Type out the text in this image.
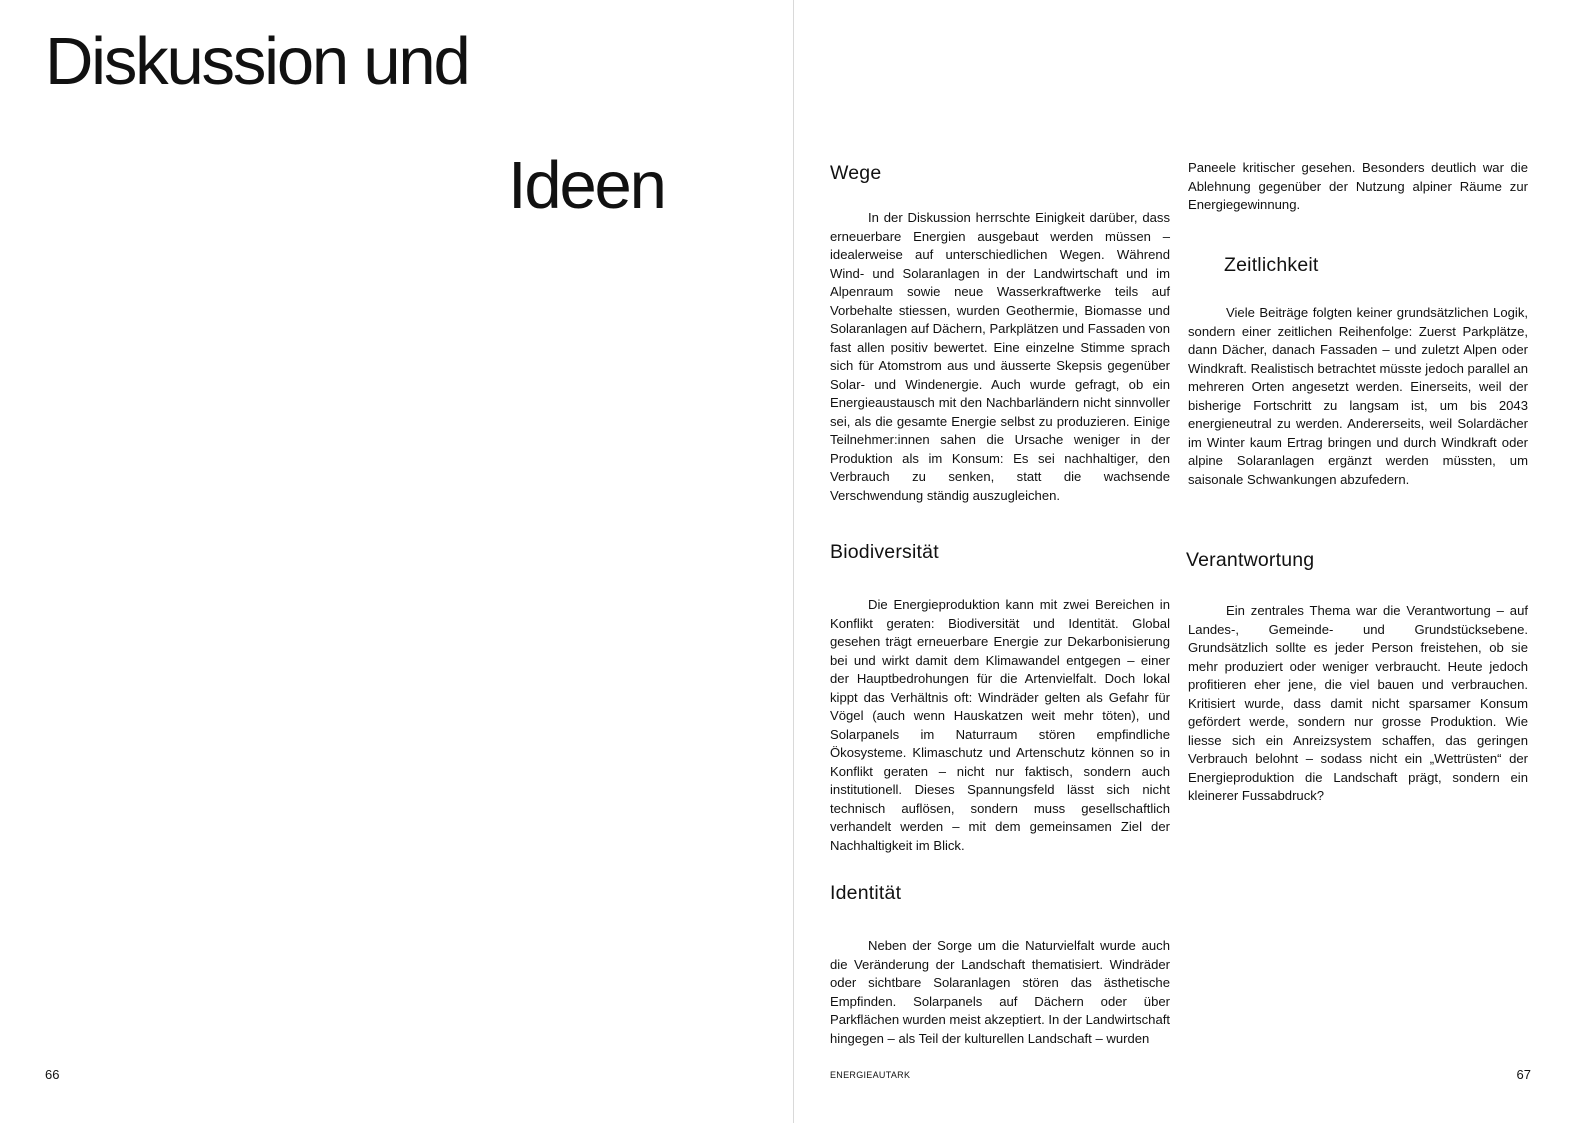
Diskussion und
Ideen
66
Wege

In der Diskussion herrschte Einigkeit darüber, dass erneuerbare Energien ausgebaut werden müssen – idealerweise auf unterschiedlichen Wegen. Während Wind- und Solaranlagen in der Landwirtschaft und im Alpenraum sowie neue Wasserkraftwerke teils auf Vorbehalte stiessen, wurden Geothermie, Biomasse und Solaranlagen auf Dächern, Parkplätzen und Fassaden von fast allen positiv bewertet. Eine einzelne Stimme sprach sich für Atomstrom aus und äusserte Skepsis gegenüber Solar- und Windenergie. Auch wurde gefragt, ob ein Energieaustausch mit den Nachbarländern nicht sinnvoller sei, als die gesamte Energie selbst zu produzieren. Einige Teilnehmer:innen sahen die Ursache weniger in der Produktion als im Konsum: Es sei nachhaltiger, den Verbrauch zu senken, statt die wachsende Verschwendung ständig auszugleichen.

Biodiversität

Die Energieproduktion kann mit zwei Bereichen in Konflikt geraten: Biodiversität und Identität. Global gesehen trägt erneuerbare Energie zur Dekarbonisierung bei und wirkt damit dem Klimawandel entgegen – einer der Hauptbedrohungen für die Artenvielfalt. Doch lokal kippt das Verhältnis oft: Windräder gelten als Gefahr für Vögel (auch wenn Hauskatzen weit mehr töten), und Solarpanels im Naturraum stören empfindliche Ökosysteme. Klimaschutz und Artenschutz können so in Konflikt geraten – nicht nur faktisch, sondern auch institutionell. Dieses Spannungsfeld lässt sich nicht technisch auflösen, sondern muss gesellschaftlich verhandelt werden – mit dem gemeinsamen Ziel der Nachhaltigkeit im Blick.

Identität

Neben der Sorge um die Naturvielfalt wurde auch die Veränderung der Landschaft thematisiert. Windräder oder sichtbare Solaranlagen stören das ästhetische Empfinden. Solarpanels auf Dächern oder über Parkflächen wurden meist akzeptiert. In der Landwirtschaft hingegen – als Teil der kulturellen Landschaft – wurden

Paneele kritischer gesehen. Besonders deutlich war die Ablehnung gegenüber der Nutzung alpiner Räume zur Energiegewinnung.

Zeitlichkeit

Viele Beiträge folgten keiner grundsätzlichen Logik, sondern einer zeitlichen Reihenfolge: Zuerst Parkplätze, dann Dächer, danach Fassaden – und zuletzt Alpen oder Windkraft. Realistisch betrachtet müsste jedoch parallel an mehreren Orten angesetzt werden. Einerseits, weil der bisherige Fortschritt zu langsam ist, um bis 2043 energieneutral zu werden. Andererseits, weil Solardächer im Winter kaum Ertrag bringen und durch Windkraft oder alpine Solaranlagen ergänzt werden müssten, um saisonale Schwankungen abzufedern.

Verantwortung

Ein zentrales Thema war die Verantwortung – auf Landes-, Gemeinde- und Grundstücksebene. Grundsätzlich sollte es jeder Person freistehen, ob sie mehr produziert oder weniger verbraucht. Heute jedoch profitieren eher jene, die viel bauen und verbrauchen. Kritisiert wurde, dass damit nicht sparsamer Konsum gefördert werde, sondern nur grosse Produktion. Wie liesse sich ein Anreizsystem schaffen, das geringen Verbrauch belohnt – sodass nicht ein „Wettrüsten“ der Energieproduktion die Landschaft prägt, sondern ein kleinerer Fussabdruck?

ENERGIEAUTARK	67
